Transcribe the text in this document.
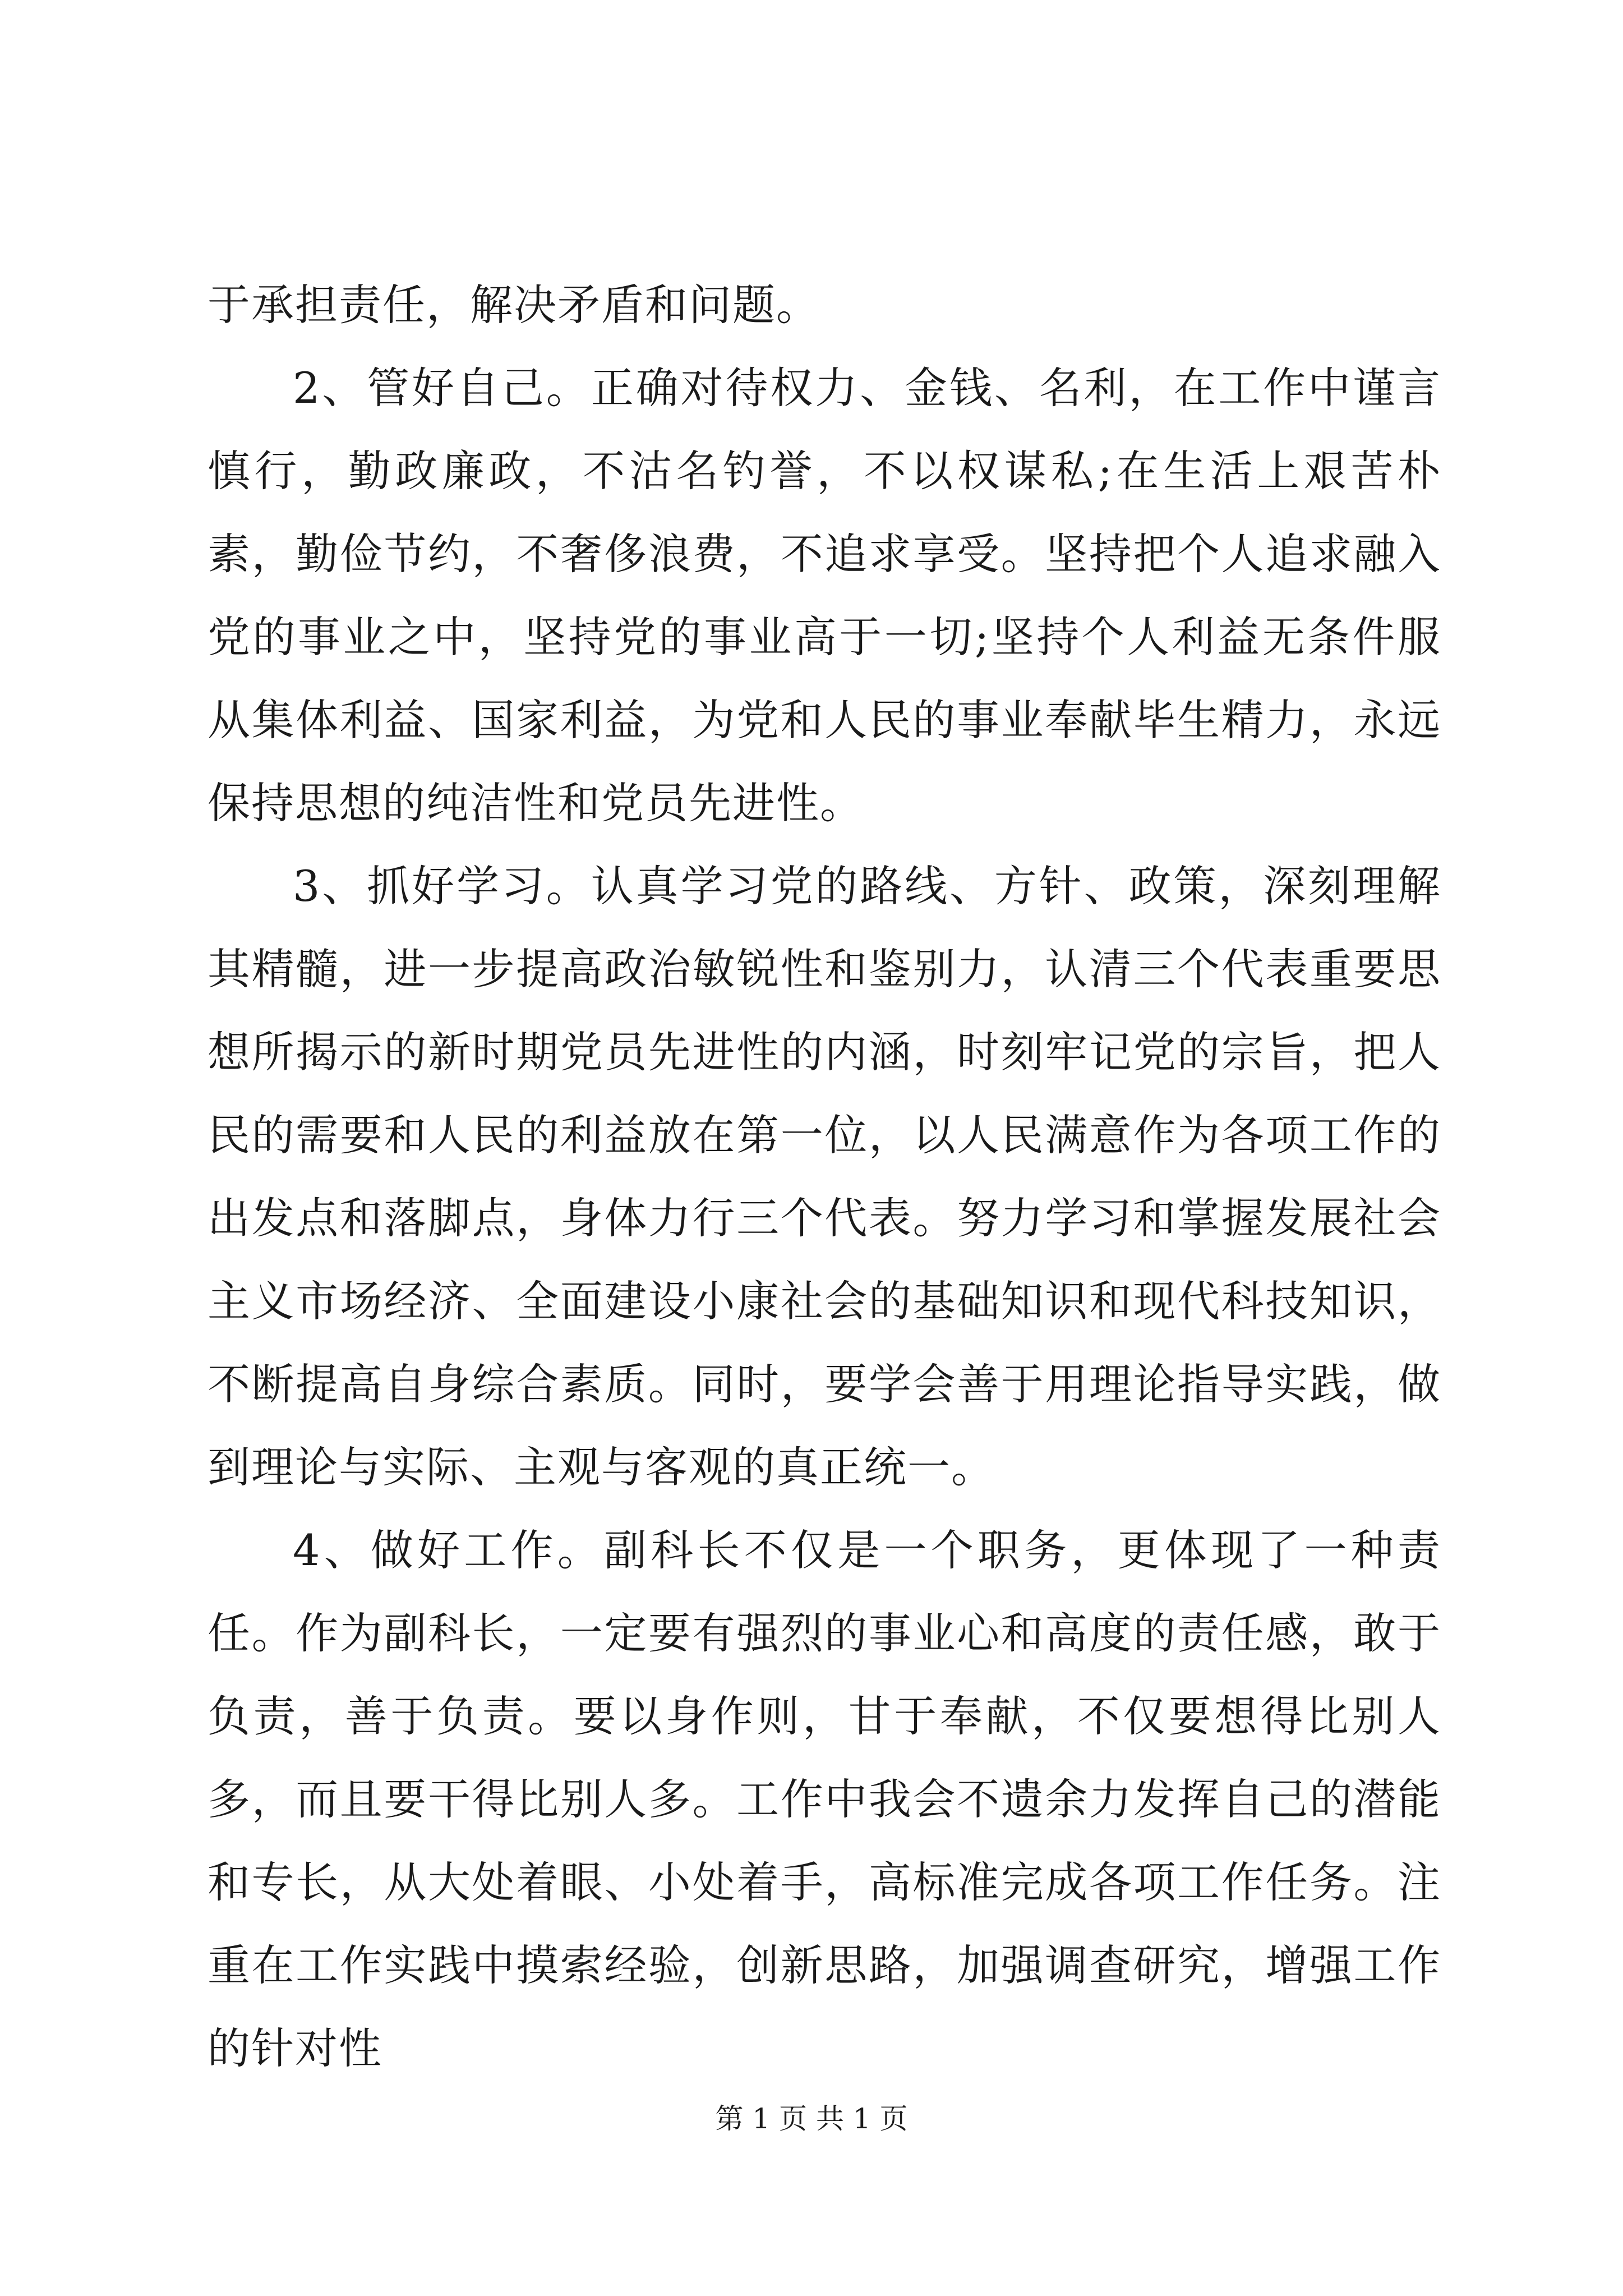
于承担责任，解决矛盾和问题。

2、管好自己。正确对待权力、金钱、名利，在工作中谨言慎行，勤政廉政，不沽名钓誉，不以权谋私;在生活上艰苦朴素，勤俭节约，不奢侈浪费，不追求享受。坚持把个人追求融入党的事业之中，坚持党的事业高于一切;坚持个人利益无条件服从集体利益、国家利益，为党和人民的事业奉献毕生精力，永远保持思想的纯洁性和党员先进性。

3、抓好学习。认真学习党的路线、方针、政策，深刻理解其精髓，进一步提高政治敏锐性和鉴别力，认清三个代表重要思想所揭示的新时期党员先进性的内涵，时刻牢记党的宗旨，把人民的需要和人民的利益放在第一位，以人民满意作为各项工作的出发点和落脚点，身体力行三个代表。努力学习和掌握发展社会主义市场经济、全面建设小康社会的基础知识和现代科技知识，不断提高自身综合素质。同时，要学会善于用理论指导实践，做到理论与实际、主观与客观的真正统一。

4、做好工作。副科长不仅是一个职务，更体现了一种责任。作为副科长，一定要有强烈的事业心和高度的责任感，敢于负责，善于负责。要以身作则，甘于奉献，不仅要想得比别人多，而且要干得比别人多。工作中我会不遗余力发挥自己的潜能和专长，从大处着眼、小处着手，高标准完成各项工作任务。注重在工作实践中摸索经验，创新思路，加强调查研究，增强工作的针对性

第 1 页 共 1 页
